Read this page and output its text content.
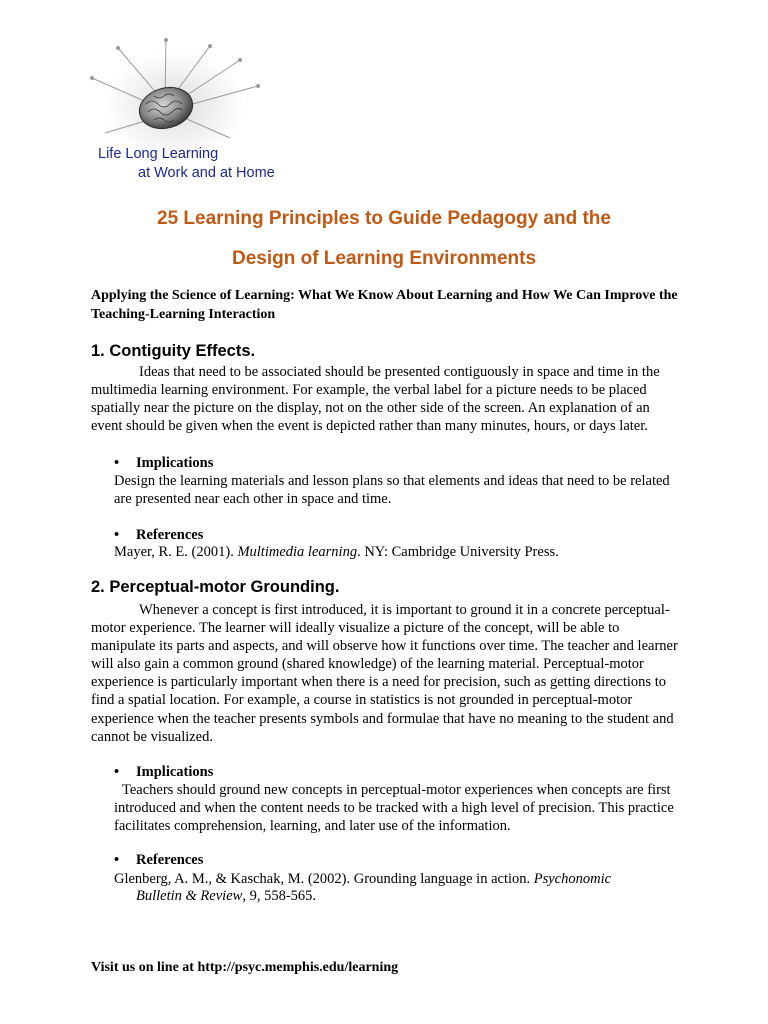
Life Long Learning
at Work and at Home
25 Learning Principles to Guide Pedagogy and the
Design of Learning Environments
Applying the Science of Learning: What We Know About Learning and How We Can Improve the Teaching-Learning Interaction
1. Contiguity Effects.
Ideas that need to be associated should be presented contiguously in space and time in the multimedia learning environment. For example, the verbal label for a picture needs to be placed spatially near the picture on the display, not on the other side of the screen. An explanation of an event should be given when the event is depicted rather than many minutes, hours, or days later.
• Implications
Design the learning materials and lesson plans so that elements and ideas that need to be related are presented near each other in space and time.
• References
Mayer, R. E. (2001). Multimedia learning. NY: Cambridge University Press.
2. Perceptual-motor Grounding.
Whenever a concept is first introduced, it is important to ground it in a concrete perceptual-motor experience. The learner will ideally visualize a picture of the concept, will be able to manipulate its parts and aspects, and will observe how it functions over time. The teacher and learner will also gain a common ground (shared knowledge) of the learning material. Perceptual-motor experience is particularly important when there is a need for precision, such as getting directions to find a spatial location. For example, a course in statistics is not grounded in perceptual-motor experience when the teacher presents symbols and formulae that have no meaning to the student and cannot be visualized.
• Implications
Teachers should ground new concepts in perceptual-motor experiences when concepts are first introduced and when the content needs to be tracked with a high level of precision. This practice facilitates comprehension, learning, and later use of the information.
• References
Glenberg, A. M., & Kaschak, M. (2002). Grounding language in action. Psychonomic
Bulletin & Review, 9, 558-565.
Visit us on line at http://psyc.memphis.edu/learning
